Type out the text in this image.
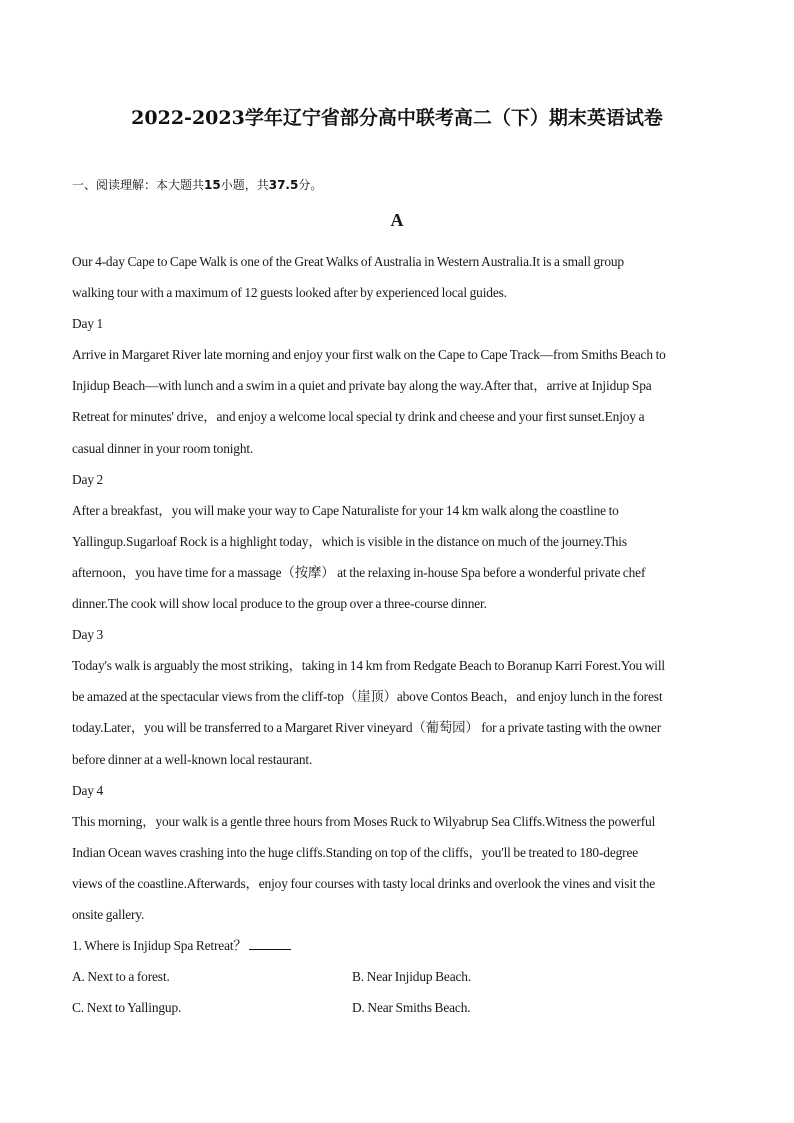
2022-2023学年辽宁省部分高中联考高二（下）期末英语试卷
一、阅读理解：本大题共15小题，共37.5分。
A

Our 4-day Cape to Cape Walk is one of the Great Walks of Australia in Western Australia.It is a small group

walking tour with a maximum of 12 guests looked after by experienced local guides.

Day 1

Arrive in Margaret River late morning and enjoy your first walk on the Cape to Cape Track—from Smiths Beach to

Injidup Beach—with lunch and a swim in a quiet and private bay along the way.After that，arrive at Injidup Spa

Retreat for minutes' drive，and enjoy a welcome local special ty drink and cheese and your first sunset.Enjoy a

casual dinner in your room tonight.

Day 2

After a breakfast，you will make your way to Cape Naturaliste for your 14 km walk along the coastline to

Yallingup.Sugarloaf Rock is a highlight today，which is visible in the distance on much of the journey.This

afternoon，you have time for a massage（按摩） at the relaxing in-house Spa before a wonderful private chef

dinner.The cook will show local produce to the group over a three-course dinner.

Day 3

Today's walk is arguably the most striking，taking in 14 km from Redgate Beach to Boranup Karri Forest.You will

be amazed at the spectacular views from the cliff-top（崖顶）above Contos Beach，and enjoy lunch in the forest

today.Later，you will be transferred to a Margaret River vineyard（葡萄园） for a private tasting with the owner

before dinner at a well-known local restaurant.

Day 4

This morning，your walk is a gentle three hours from Moses Ruck to Wilyabrup Sea Cliffs.Witness the powerful

Indian Ocean waves crashing into the huge cliffs.Standing on top of the cliffs，you'll be treated to 180-degree

views of the coastline.Afterwards，enjoy four courses with tasty local drinks and overlook the vines and visit the

onsite gallery.

1. Where is Injidup Spa Retreat？

A. Next to a forest.	B. Near Injidup Beach.
C. Next to Yallingup.	D. Near Smiths Beach.
